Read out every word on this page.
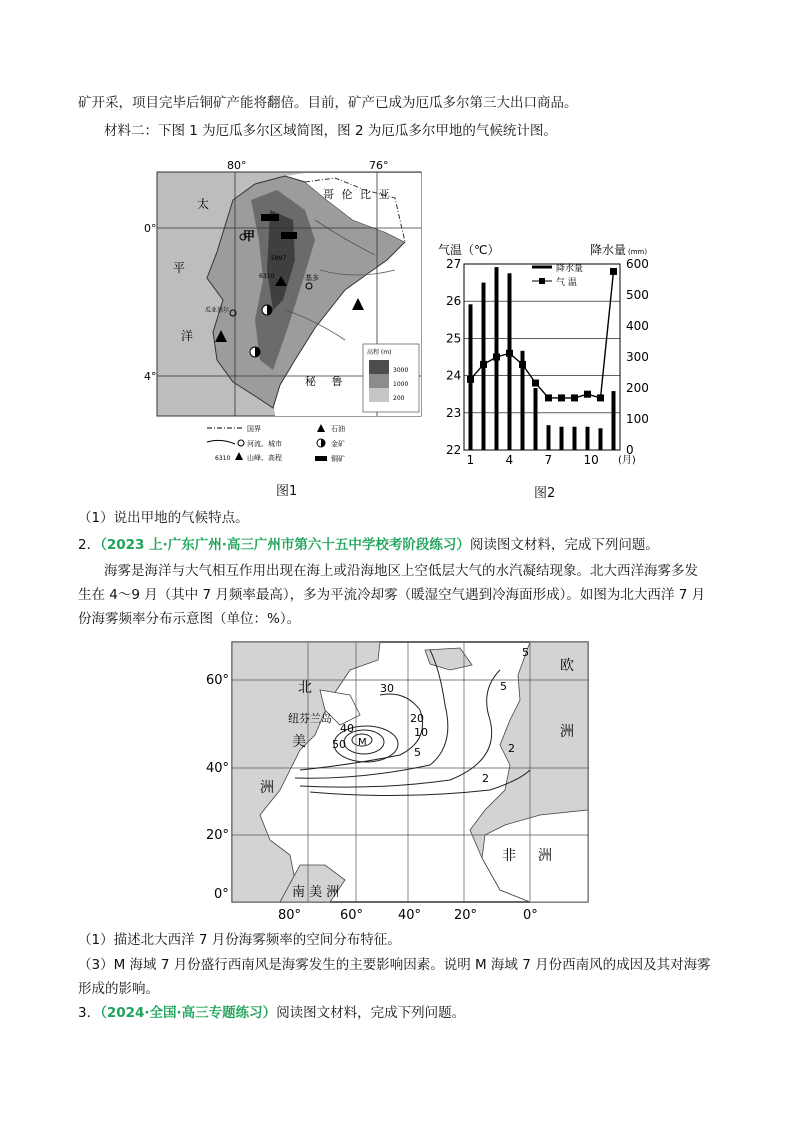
矿开采，项目完毕后铜矿产能将翻倍。目前，矿产已成为厄瓜多尔第三大出口商品。
材料二：下图 1 为厄瓜多尔区域简图，图 2 为厄瓜多尔甲地的气候统计图。
80°	76°
0°
4°
哥 伦 比 亚
秘 鲁
太
平
洋
甲
基多
瓜亚基尔
6310
5897
高程 (m)
3000
1000
200
国界
河流、城市
6310 山峰、高程
石油
金矿
铜矿
图1
气温（℃）	降水量 (mm)
(月)
22
23
24
25
26
27
0
100
200
300
400
500
600
1	4	7	10
降水量
气 温
图2
（1）说出甲地的气候特点。
2．（2023 上·广东广州·高三广州市第六十五中学校考阶段练习）阅读图文材料，完成下列问题。
海雾是海洋与大气相互作用出现在海上或沿海地区上空低层大气的水汽凝结现象。北大西洋海雾多发
生在 4～9 月（其中 7 月频率最高），多为平流冷却雾（暖湿空气遇到冷海面形成）。如图为北大西洋 7 月
份海雾频率分布示意图（单位：%）。
60°
40°
20°
0°
80°	60°	40°	20°	0°
北
美
洲
纽芬兰岛
欧
洲
非 洲
南 美 洲
M
50
40
30
20
10
5
5
5
2
2
（1）描述北大西洋 7 月份海雾频率的空间分布特征。
（3）M 海域 7 月份盛行西南风是海雾发生的主要影响因素。说明 M 海域 7 月份西南风的成因及其对海雾
形成的影响。
3．（2024·全国·高三专题练习）阅读图文材料，完成下列问题。
